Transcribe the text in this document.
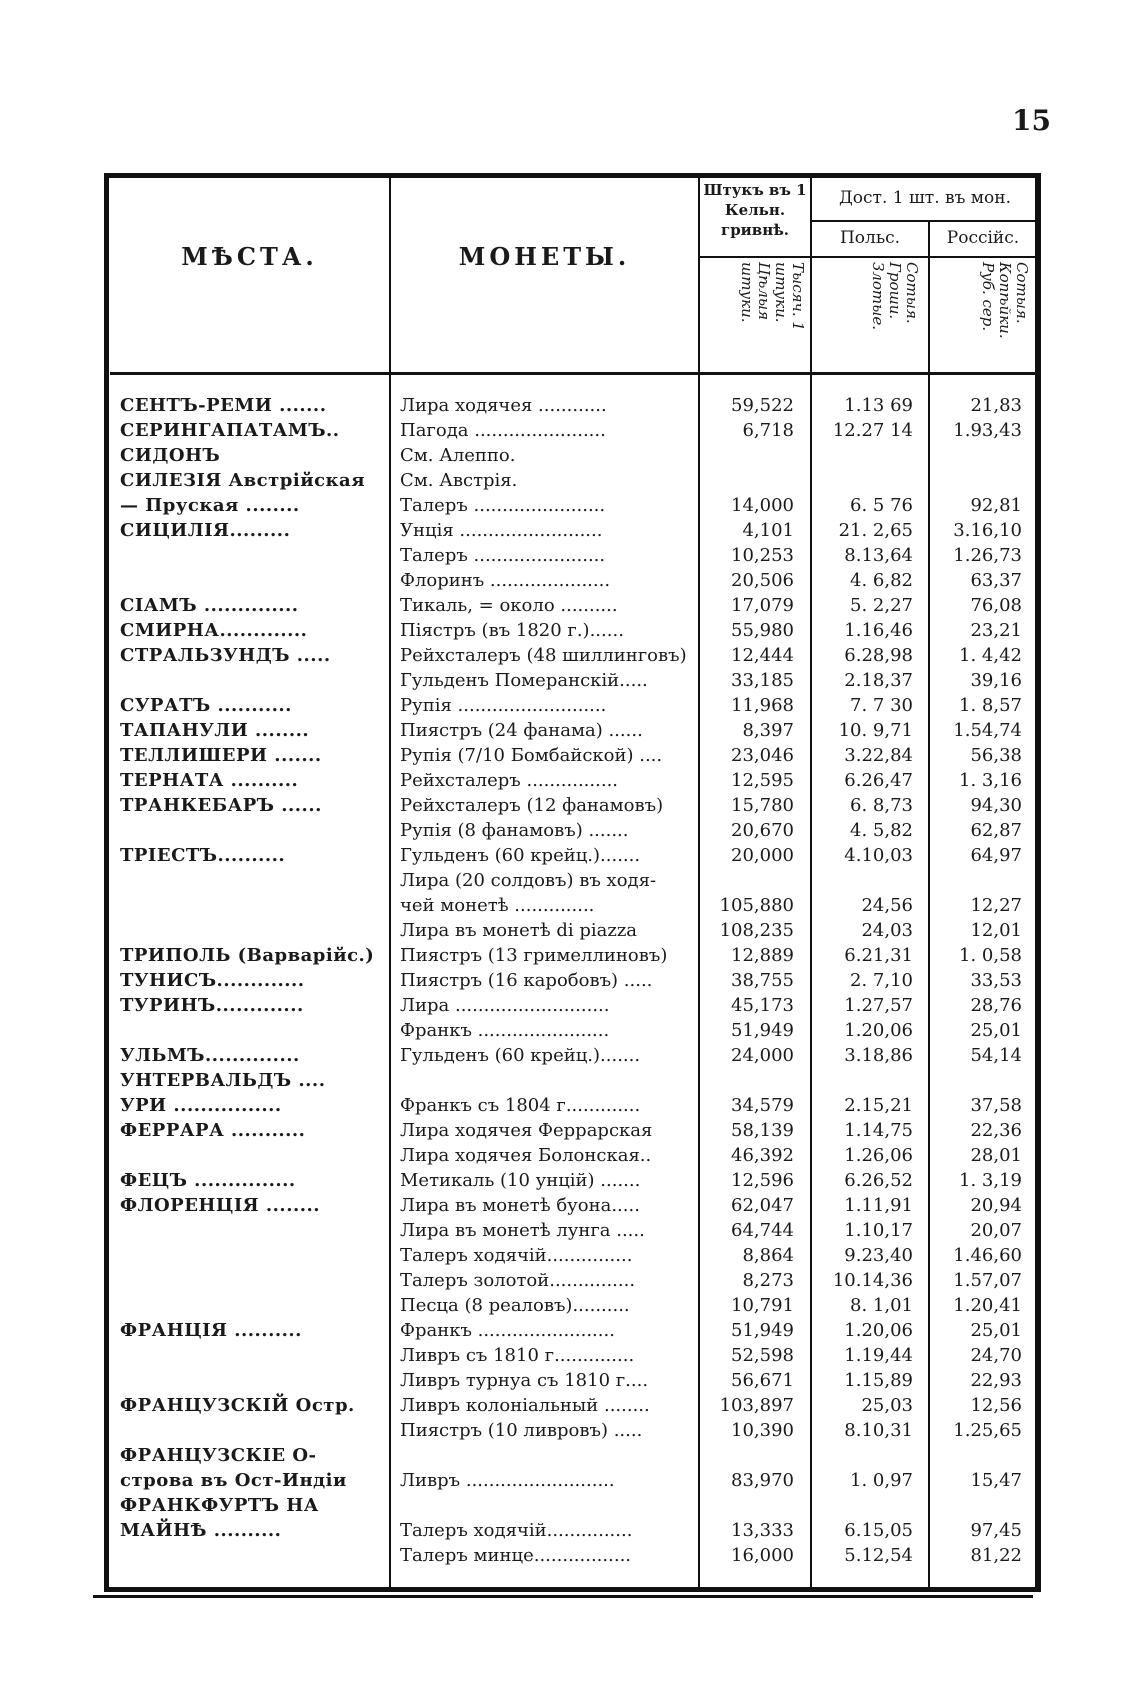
15
МѢСТА.	МОНЕТЫ.
Штукъ въ 1 Кельн. гривнѣ.
Дост. 1 шт. въ мон.
Польс.	Россійс.
Тысяч. 1 штуки. Цѣлыя штуки.	Сотыя. Гроши. Злотые.	Сотыя. Копѣйки. Руб. сер.
СЕНТЪ-РЕМИ .......	Лира ходячея ............	59,522	1.13 69	21,83
СЕРИНГАПАТАМЪ..	Пагода .......................	6,718	12.27 14	1.93,43
СИДОНЪ	См. Алеппо.
СИЛЕЗІЯ Австрійская	См. Австрія.
— Пруская ........	Талеръ .......................	14,000	6. 5 76	92,81
СИЦИЛІЯ.........	Унція .........................	4,101	21. 2,65	3.16,10
Талеръ .......................	10,253	8.13,64	1.26,73
Флоринъ .....................	20,506	4. 6,82	63,37
СІАМЪ ..............	Тикаль, = около ..........	17,079	5. 2,27	76,08
СМИРНА.............	Пiястръ (въ 1820 г.)......	55,980	1.16,46	23,21
СТРАЛЬЗУНДЪ .....	Рейхсталеръ (48 шиллинговъ)	12,444	6.28,98	1. 4,42
Гульденъ Померанскій.....	33,185	2.18,37	39,16
СУРАТЪ ...........	Рупія ..........................	11,968	7. 7 30	1. 8,57
ТАПАНУЛИ ........	Пиястръ (24 фанама) ......	8,397	10. 9,71	1.54,74
ТЕЛЛИШЕРИ .......	Рупія (7/10 Бомбайской) ....	23,046	3.22,84	56,38
ТЕРНАТА ..........	Рейхсталеръ ................	12,595	6.26,47	1. 3,16
ТРАНКЕБАРЪ ......	Рейхсталеръ (12 фанамовъ)	15,780	6. 8,73	94,30
Рупія (8 фанамовъ) .......	20,670	4. 5,82	62,87
ТРІЕСТЪ..........	Гульденъ (60 крейц.).......	20,000	4.10,03	64,97
Лира (20 солдовъ) въ ходя-
чей монетѣ ..............	105,880	24,56	12,27
Лира въ монетѣ di piazza	108,235	24,03	12,01
ТРИПОЛЬ (Варварійс.)	Пиястръ (13 гримеллиновъ)	12,889	6.21,31	1. 0,58
ТУНИСЪ.............	Пиястръ (16 каробовъ) .....	38,755	2. 7,10	33,53
ТУРИНЪ.............	Лира ...........................	45,173	1.27,57	28,76
Франкъ .......................	51,949	1.20,06	25,01
УЛЬМЪ..............	Гульденъ (60 крейц.).......	24,000	3.18,86	54,14
УНТЕРВАЛЬДЪ ....
УРИ ................	Франкъ съ 1804 г.............	34,579	2.15,21	37,58
ФЕРРАРА ...........	Лира ходячея Феррарская	58,139	1.14,75	22,36
Лира ходячея Болонская..	46,392	1.26,06	28,01
ФЕЦЪ ...............	Метикаль (10 унцій) .......	12,596	6.26,52	1. 3,19
ФЛОРЕНЦІЯ ........	Лира въ монетѣ буона.....	62,047	1.11,91	20,94
Лира въ монетѣ лунга .....	64,744	1.10,17	20,07
Талеръ ходячій...............	8,864	9.23,40	1.46,60
Талеръ золотой...............	8,273	10.14,36	1.57,07
Песца (8 реаловъ)..........	10,791	8. 1,01	1.20,41
ФРАНЦІЯ ..........	Франкъ ........................	51,949	1.20,06	25,01
Ливръ съ 1810 г..............	52,598	1.19,44	24,70
Ливръ турнуа съ 1810 г....	56,671	1.15,89	22,93
ФРАНЦУЗСКІЙ Остр.	Ливръ колоніальный ........	103,897	25,03	12,56
Пиястръ (10 ливровъ) .....	10,390	8.10,31	1.25,65
ФРАНЦУЗСКІЕ О-
строва въ Ост-Индіи	Ливръ ..........................	83,970	1. 0,97	15,47
ФРАНКФУРТЪ НА
МАЙНѢ ..........	Талеръ ходячій...............	13,333	6.15,05	97,45
Талеръ минце.................	16,000	5.12,54	81,22
